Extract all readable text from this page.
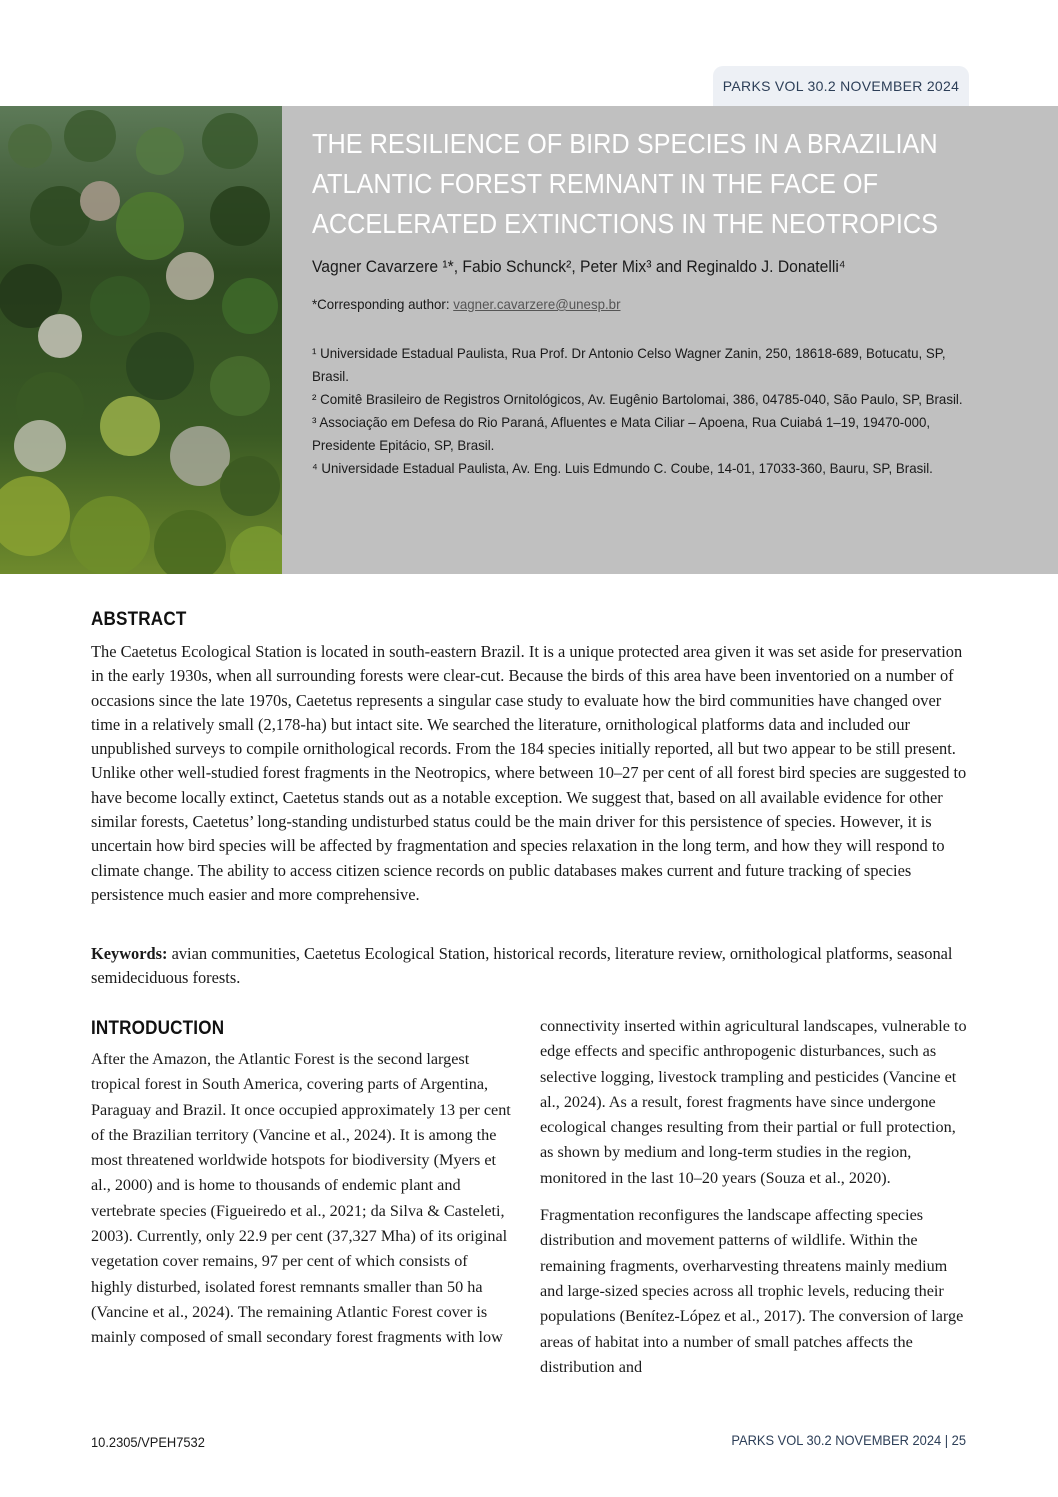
PARKS VOL 30.2 NOVEMBER 2024
THE RESILIENCE OF BIRD SPECIES IN A BRAZILIAN ATLANTIC FOREST REMNANT IN THE FACE OF ACCELERATED EXTINCTIONS IN THE NEOTROPICS
Vagner Cavarzere ¹*, Fabio Schunck², Peter Mix³ and Reginaldo J. Donatelli⁴
*Corresponding author: vagner.cavarzere@unesp.br

¹ Universidade Estadual Paulista, Rua Prof. Dr Antonio Celso Wagner Zanin, 250, 18618-689, Botucatu, SP, Brasil.

² Comitê Brasileiro de Registros Ornitológicos, Av. Eugênio Bartolomai, 386, 04785-040, São Paulo, SP, Brasil.

³ Associação em Defesa do Rio Paraná, Afluentes e Mata Ciliar – Apoena, Rua Cuiabá 1–19, 19470-000, Presidente Epitácio, SP, Brasil.

⁴ Universidade Estadual Paulista, Av. Eng. Luis Edmundo C. Coube, 14-01, 17033-360, Bauru, SP, Brasil.

ABSTRACT

The Caetetus Ecological Station is located in south-eastern Brazil. It is a unique protected area given it was set aside for preservation in the early 1930s, when all surrounding forests were clear-cut. Because the birds of this area have been inventoried on a number of occasions since the late 1970s, Caetetus represents a singular case study to evaluate how the bird communities have changed over time in a relatively small (2,178-ha) but intact site. We searched the literature, ornithological platforms data and included our unpublished surveys to compile ornithological records. From the 184 species initially reported, all but two appear to be still present. Unlike other well-studied forest fragments in the Neotropics, where between 10–27 per cent of all forest bird species are suggested to have become locally extinct, Caetetus stands out as a notable exception. We suggest that, based on all available evidence for other similar forests, Caetetus’ long-standing undisturbed status could be the main driver for this persistence of species. However, it is uncertain how bird species will be affected by fragmentation and species relaxation in the long term, and how they will respond to climate change. The ability to access citizen science records on public databases makes current and future tracking of species persistence much easier and more comprehensive.

Keywords: avian communities, Caetetus Ecological Station, historical records, literature review, ornithological platforms, seasonal semideciduous forests.

INTRODUCTION

After the Amazon, the Atlantic Forest is the second largest tropical forest in South America, covering parts of Argentina, Paraguay and Brazil. It once occupied approximately 13 per cent of the Brazilian territory (Vancine et al., 2024). It is among the most threatened worldwide hotspots for biodiversity (Myers et al., 2000) and is home to thousands of endemic plant and vertebrate species (Figueiredo et al., 2021; da Silva & Casteleti, 2003). Currently, only 22.9 per cent (37,327 Mha) of its original vegetation cover remains, 97 per cent of which consists of highly disturbed, isolated forest remnants smaller than 50 ha (Vancine et al., 2024). The remaining Atlantic Forest cover is mainly composed of small secondary forest fragments with low

connectivity inserted within agricultural landscapes, vulnerable to edge effects and specific anthropogenic disturbances, such as selective logging, livestock trampling and pesticides (Vancine et al., 2024). As a result, forest fragments have since undergone ecological changes resulting from their partial or full protection, as shown by medium and long-term studies in the region, monitored in the last 10–20 years (Souza et al., 2020).

Fragmentation reconfigures the landscape affecting species distribution and movement patterns of wildlife. Within the remaining fragments, overharvesting threatens mainly medium and large-sized species across all trophic levels, reducing their populations (Benítez-López et al., 2017). The conversion of large areas of habitat into a number of small patches affects the distribution and

10.2305/VPEH7532	PARKS VOL 30.2 NOVEMBER 2024 | 25
